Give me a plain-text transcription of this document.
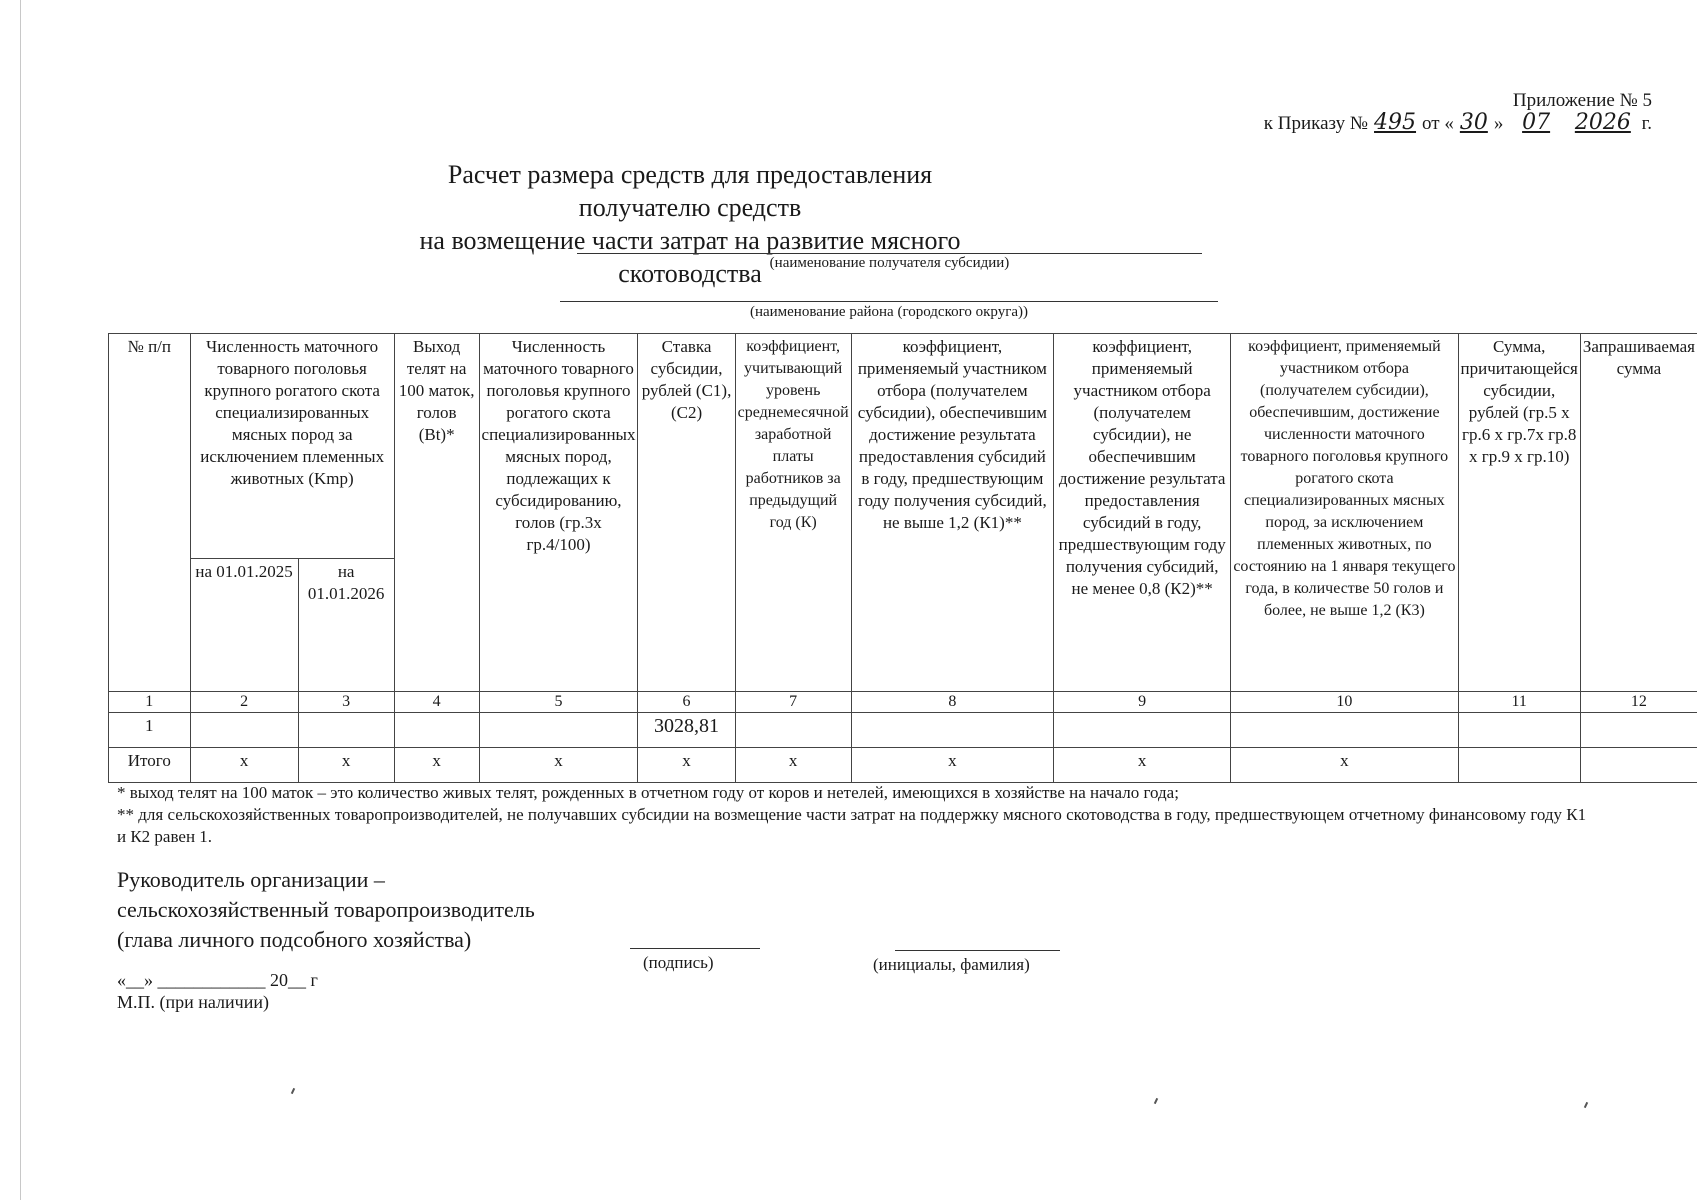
Приложение № 5
к Приказу № 495 от « 30 » 07 2026 г.
Расчет размера средств для предоставления получателю средств
на возмещение части затрат на развитие мясного скотоводства (наименование получателя субсидии)
(наименование района (городского округа))
№ п/п	Численность маточного товарного поголовья крупного рогатого скота специализированных мясных пород за исключением племенных животных (Kmp)		Выход телят на 100 маток, голов (Bt)*	Численность маточного товарного поголовья крупного рогатого скота специализированных мясных пород, подлежащих к субсидированию, голов (гр.3х гр.4/100)	Ставка субсидии, рублей (С1), (С2)	коэффициент, учитывающий уровень среднемесячной заработной платы работников за предыдущий год (К)	коэффициент, применяемый участником отбора (получателем субсидии), обеспечившим достижение результата предоставления субсидий в году, предшествующим году получения субсидий, не выше 1,2 (К1)**	коэффициент, применяемый участником отбора (получателем субсидии), не обеспечившим достижение результата предоставления субсидий в году, предшествующим году получения субсидий, не менее 0,8 (К2)**	коэффициент, применяемый участником отбора (получателем субсидии), обеспечившим, достижение численности маточного товарного поголовья крупного рогатого скота специализированных мясных пород, за исключением племенных животных, по состоянию на 1 января текущего года, в количестве 50 голов и более, не выше 1,2 (К3)	Сумма, причитающейся субсидии, рублей (гр.5 х гр.6 х гр.7х гр.8 х гр.9 х гр.10)	Запрашиваемая сумма
	на 01.01.2025	на 01.01.2026									
1	2	3	4	5	6	7	8	9	10	11	12
1					3028,81						
Итого	х	х	х	х	х	х	х	х	х		
* выход телят на 100 маток – это количество живых телят, рожденных в отчетном году от коров и нетелей, имеющихся в хозяйстве на начало года;
** для сельскохозяйственных товаропроизводителей, не получавших субсидии на возмещение части затрат на поддержку мясного скотоводства в году, предшествующем отчетному финансовому году К1 и К2 равен 1.
Руководитель организации –
сельскохозяйственный товаропроизводитель
(глава личного подсобного хозяйства)
(подпись)	(инициалы, фамилия)
«__» ____________ 20__ г
М.П. (при наличии)
